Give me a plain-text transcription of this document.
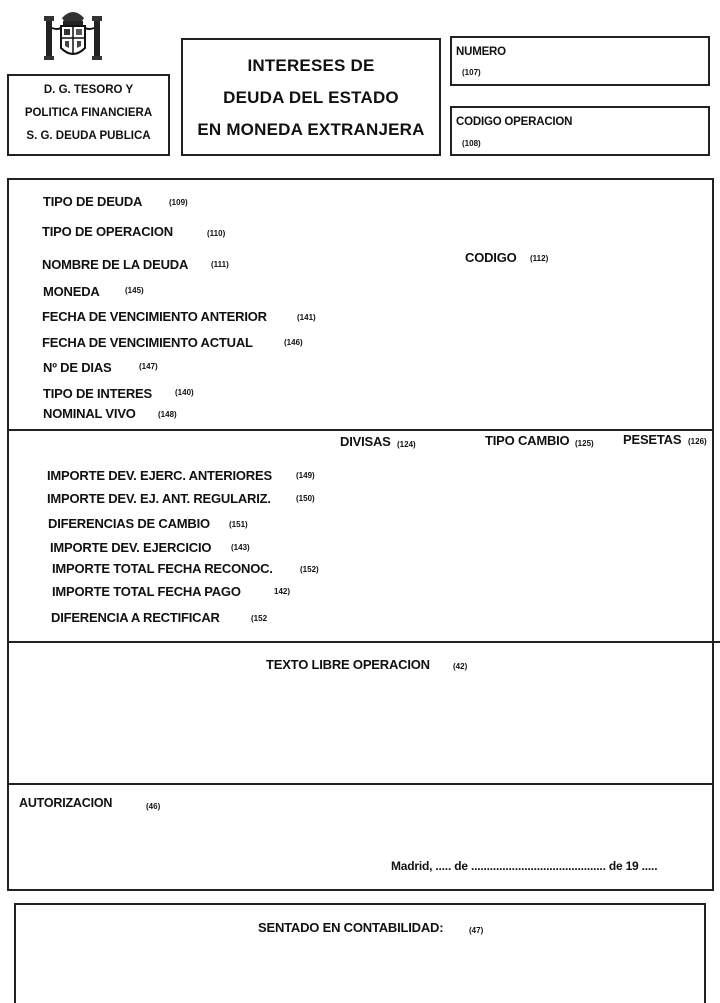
D. G. TESORO Y
POLITICA FINANCIERA
S. G. DEUDA PUBLICA
INTERESES DE
DEUDA DEL ESTADO
EN MONEDA EXTRANJERA
NUMERO
(107)
CODIGO OPERACION
(108)
TIPO DE DEUDA	(109)
TIPO DE OPERACION	(110)
NOMBRE DE LA DEUDA	(111)	CODIGO (112)
MONEDA	(145)
FECHA DE VENCIMIENTO ANTERIOR	(141)
FECHA DE VENCIMIENTO ACTUAL	(146)
Nº DE DIAS	(147)
TIPO DE INTERES	(140)
NOMINAL VIVO	(148)
DIVISAS (124)	TIPO CAMBIO (125) PESETAS (126)
IMPORTE DEV. EJERC. ANTERIORES	(149)
IMPORTE DEV. EJ. ANT. REGULARIZ.	(150)
DIFERENCIAS DE CAMBIO (151)
IMPORTE DEV. EJERCICIO (143)
IMPORTE TOTAL FECHA RECONOC.	(152)
IMPORTE TOTAL FECHA PAGO	142)
DIFERENCIA A RECTIFICAR	(152
TEXTO LIBRE OPERACION	(42)
AUTORIZACION	(46)
Madrid, ..... de ........................................... de 19 .....
SENTADO EN CONTABILIDAD:	(47)
